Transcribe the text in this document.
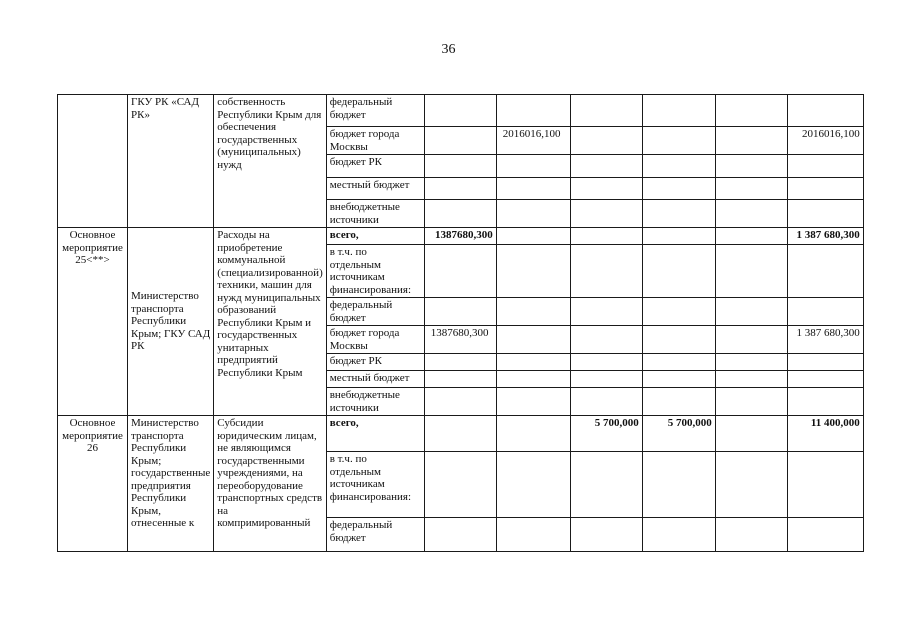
36
	ГКУ РК «САД РК»	собственность Республики Крым для обеспечения государственных (муниципальных) нужд	федеральный бюджет						
			бюджет города Москвы		2016016,100				2016016,100
			бюджет РК						
			местный бюджет						
			внебюджетные источники						
Основное мероприятие 25<**>	Министерство транспорта Республики Крым; ГКУ САД РК	Расходы на приобретение коммунальной (специализированной) техники, машин для нужд муниципальных образований Республики Крым и государственных унитарных предприятий Республики Крым	всего,	1387680,300					1 387 680,300
			в т.ч. по отдельным источникам финансирования:						
			федеральный бюджет						
			бюджет города Москвы	1387680,300					1 387 680,300
			бюджет РК						
			местный бюджет						
			внебюджетные источники						
Основное мероприятие 26	Министерство транспорта Республики Крым; государственные предприятия Республики Крым, отнесенные к	Субсидии юридическим лицам, не являющимся государственными учреждениями, на переоборудование транспортных средств на компримированный	всего,			5 700,000	5 700,000		11 400,000
			в т.ч. по отдельным источникам финансирования:						
			федеральный бюджет						
